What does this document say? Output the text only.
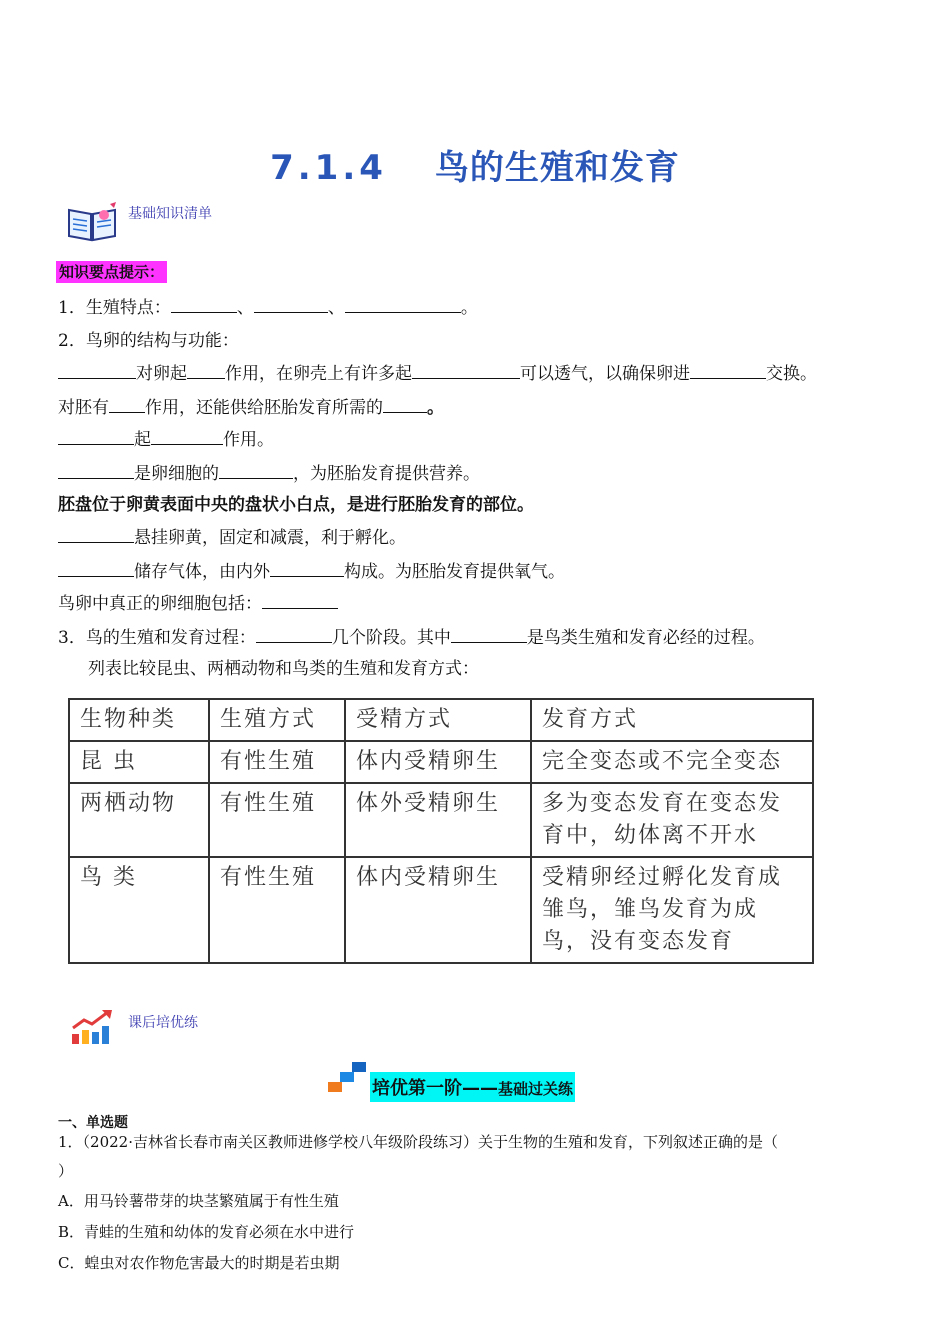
7.1.4 鸟的生殖和发育
基础知识清单
知识要点提示：
1．生殖特点：	、	、	。
2．鸟卵的结构与功能：
对卵起 作用，在卵壳上有许多起	可以透气，以确保卵进	交换。
对胚有 作用，还能供给胚胎发育所需的	。
起	作用。
是卵细胞的	，为胚胎发育提供营养。
胚盘位于卵黄表面中央的盘状小白点，是进行胚胎发育的部位。
悬挂卵黄，固定和减震，利于孵化。
储存气体，由内外	构成。为胚胎发育提供氧气。
鸟卵中真正的卵细胞包括：
3．鸟的生殖和发育过程：	几个阶段。其中	是鸟类生殖和发育必经的过程。
列表比较昆虫、两栖动物和鸟类的生殖和发育方式：
生物种类	生殖方式	受精方式	发育方式
昆 虫	有性生殖	体内受精卵生	完全变态或不完全变态
两栖动物	有性生殖	体外受精卵生	多为变态发育在变态发育中，幼体离不开水
鸟 类	有性生殖	体内受精卵生	受精卵经过孵化发育成雏鸟，雏鸟发育为成鸟，没有变态发育
课后培优练
培优第一阶——基础过关练
一、单选题
1．（2022·吉林省长春市南关区教师进修学校八年级阶段练习）关于生物的生殖和发育，下列叙述正确的是（
）
A．用马铃薯带芽的块茎繁殖属于有性生殖
B．青蛙的生殖和幼体的发育必须在水中进行
C．蝗虫对农作物危害最大的时期是若虫期
